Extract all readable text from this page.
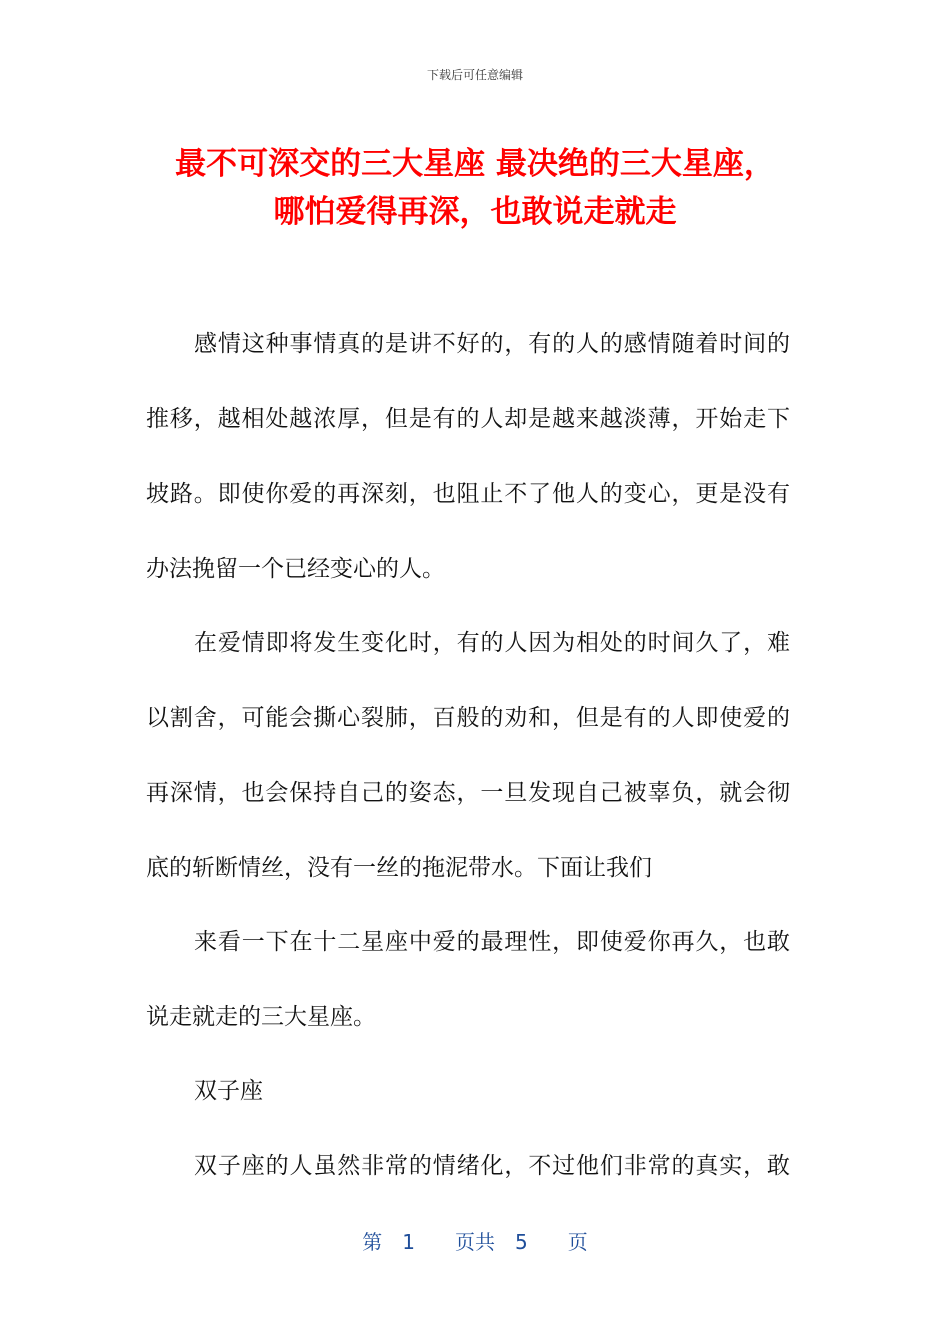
下载后可任意编辑
最不可深交的三大星座 最决绝的三大星座，
哪怕爱得再深，也敢说走就走
感情这种事情真的是讲不好的，有的人的感情随着时间的
推移，越相处越浓厚，但是有的人却是越来越淡薄，开始走下
坡路。即使你爱的再深刻，也阻止不了他人的变心，更是没有
办法挽留一个已经变心的人。
在爱情即将发生变化时，有的人因为相处的时间久了，难
以割舍，可能会撕心裂肺，百般的劝和，但是有的人即使爱的
再深情，也会保持自己的姿态，一旦发现自己被辜负，就会彻
底的斩断情丝，没有一丝的拖泥带水。下面让我们
来看一下在十二星座中爱的最理性，即使爱你再久，也敢
说走就走的三大星座。
双子座
双子座的人虽然非常的情绪化，不过他们非常的真实，敢
第　1　　页共　5　　页
